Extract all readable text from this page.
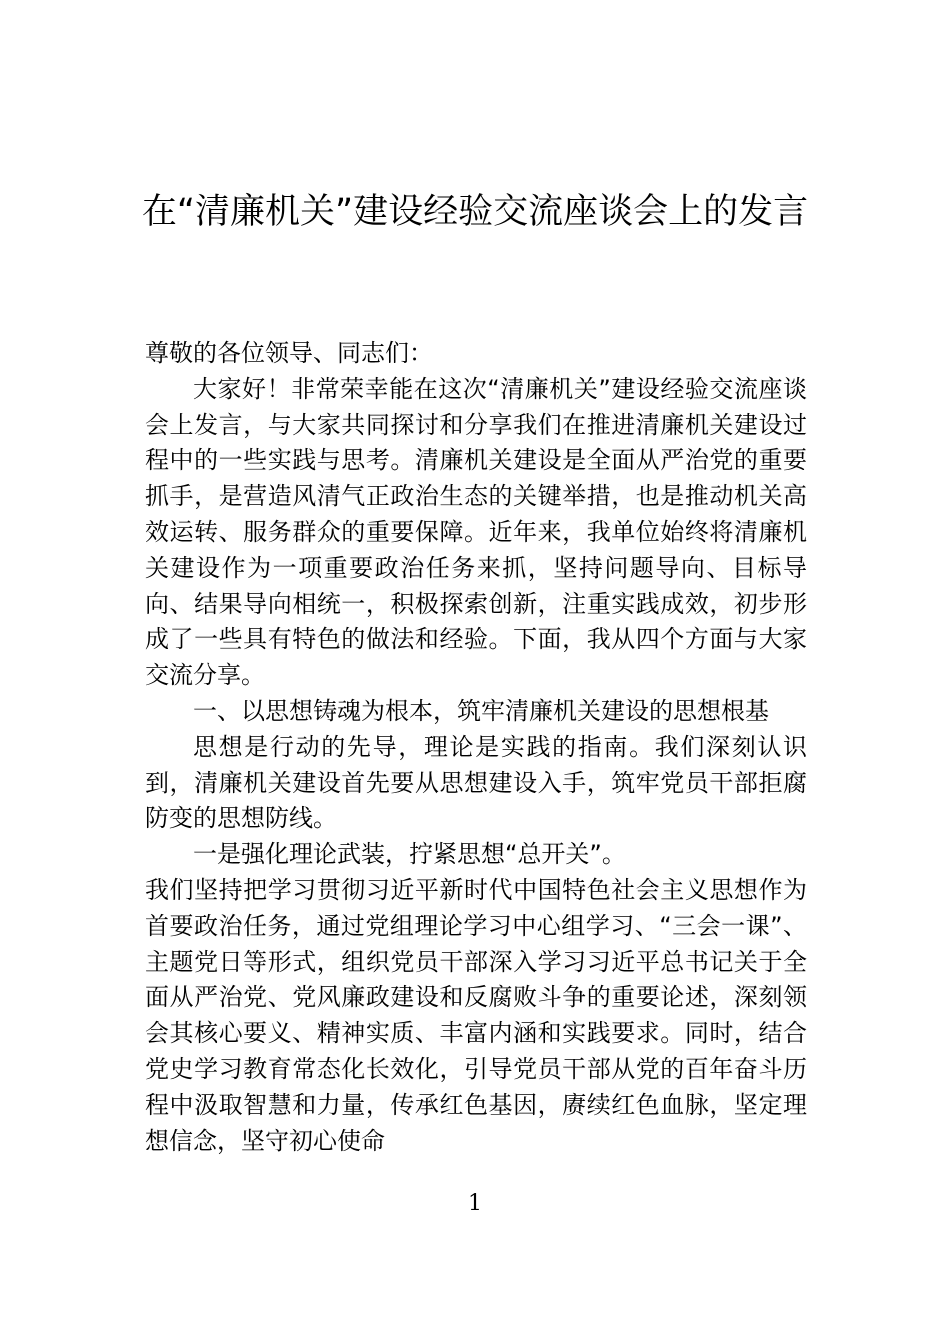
在“清廉机关”建设经验交流座谈会上的发言

尊敬的各位领导、同志们：

大家好！非常荣幸能在这次“清廉机关”建设经验交流座谈会上发言，与大家共同探讨和分享我们在推进清廉机关建设过程中的一些实践与思考。清廉机关建设是全面从严治党的重要抓手，是营造风清气正政治生态的关键举措，也是推动机关高效运转、服务群众的重要保障。近年来，我单位始终将清廉机关建设作为一项重要政治任务来抓，坚持问题导向、目标导向、结果导向相统一，积极探索创新，注重实践成效，初步形成了一些具有特色的做法和经验。下面，我从四个方面与大家交流分享。

一、以思想铸魂为根本，筑牢清廉机关建设的思想根基

思想是行动的先导，理论是实践的指南。我们深刻认识到，清廉机关建设首先要从思想建设入手，筑牢党员干部拒腐防变的思想防线。

一是强化理论武装，拧紧思想“总开关”。

我们坚持把学习贯彻习近平新时代中国特色社会主义思想作为首要政治任务，通过党组理论学习中心组学习、“三会一课”、主题党日等形式，组织党员干部深入学习习近平总书记关于全面从严治党、党风廉政建设和反腐败斗争的重要论述，深刻领会其核心要义、精神实质、丰富内涵和实践要求。同时，结合党史学习教育常态化长效化，引导党员干部从党的百年奋斗历程中汲取智慧和力量，传承红色基因，赓续红色血脉，坚定理想信念，坚守初心使命

1
